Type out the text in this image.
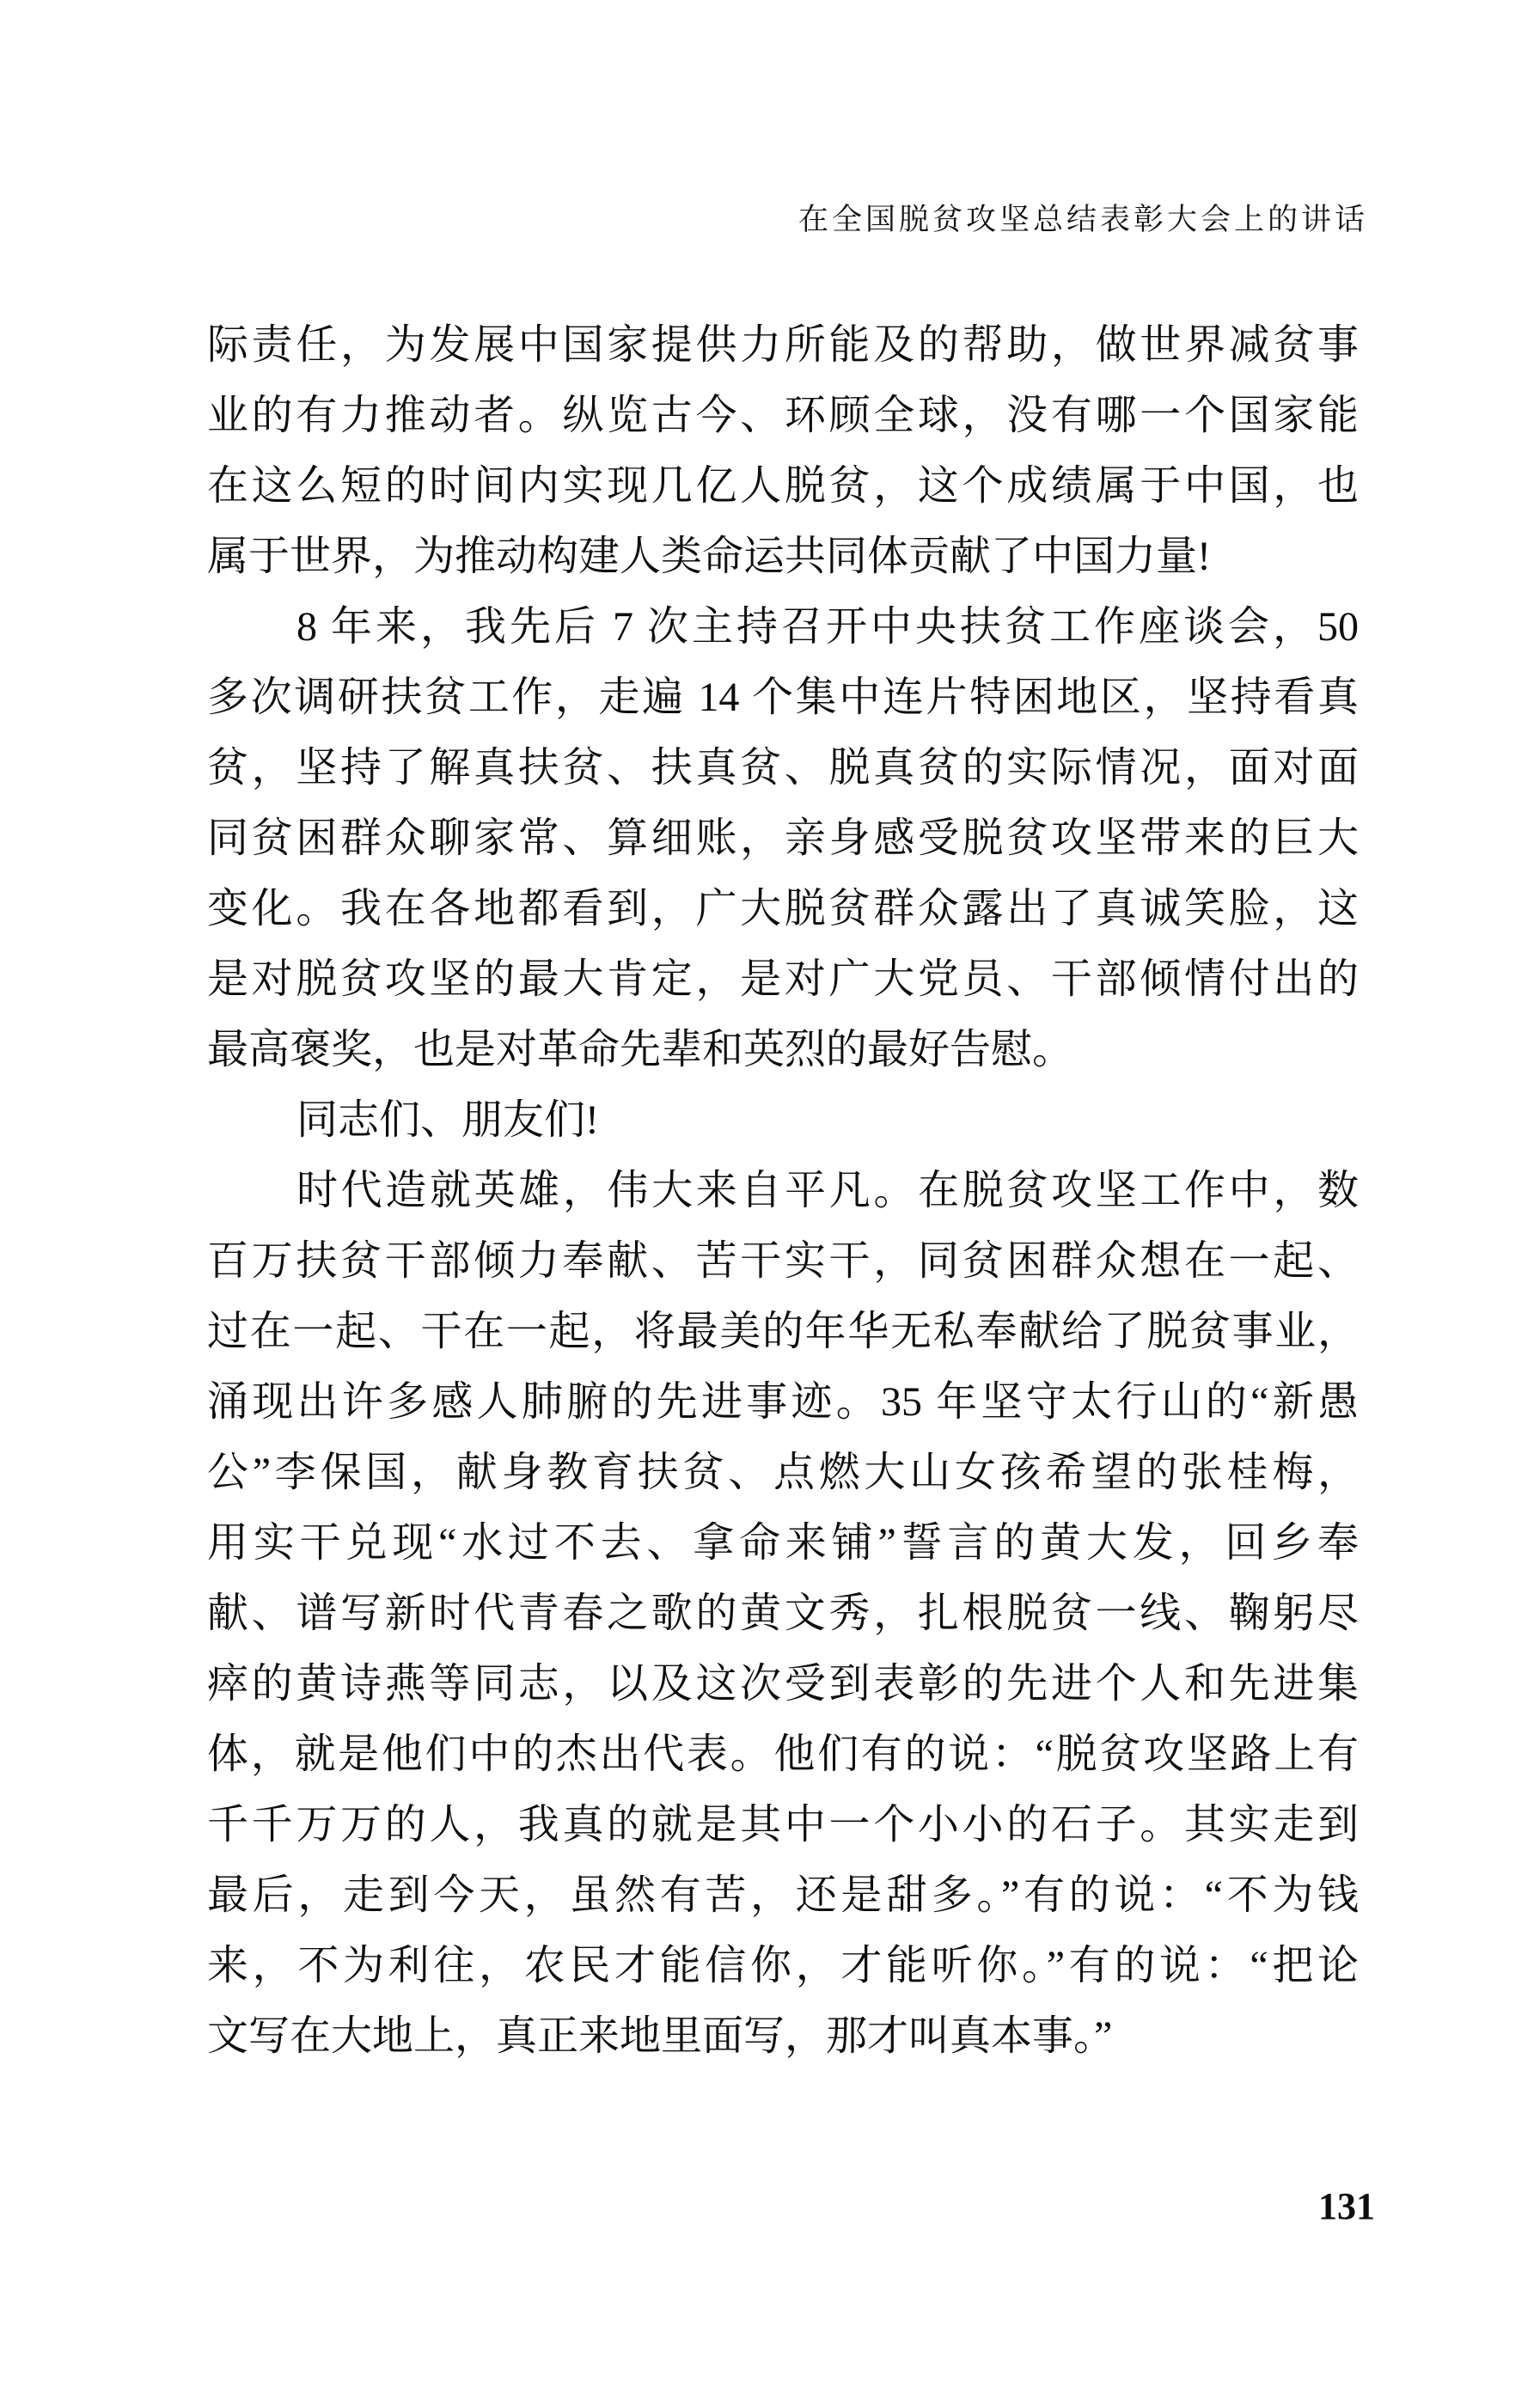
在全国脱贫攻坚总结表彰大会上的讲话
际责任，为发展中国家提供力所能及的帮助，做世界减贫事
业的有力推动者。纵览古今、环顾全球，没有哪一个国家能
在这么短的时间内实现几亿人脱贫，这个成绩属于中国，也
属于世界，为推动构建人类命运共同体贡献了中国力量!
8 年来，我先后 7 次主持召开中央扶贫工作座谈会，50
多次调研扶贫工作，走遍 14 个集中连片特困地区，坚持看真
贫，坚持了解真扶贫、扶真贫、脱真贫的实际情况，面对面
同贫困群众聊家常、算细账，亲身感受脱贫攻坚带来的巨大
变化。我在各地都看到，广大脱贫群众露出了真诚笑脸，这
是对脱贫攻坚的最大肯定，是对广大党员、干部倾情付出的
最高褒奖，也是对革命先辈和英烈的最好告慰。
同志们、朋友们!
时代造就英雄，伟大来自平凡。在脱贫攻坚工作中，数
百万扶贫干部倾力奉献、苦干实干，同贫困群众想在一起、
过在一起、干在一起，将最美的年华无私奉献给了脱贫事业，
涌现出许多感人肺腑的先进事迹。35 年坚守太行山的“新愚
公”李保国，献身教育扶贫、点燃大山女孩希望的张桂梅，
用实干兑现“水过不去、拿命来铺”誓言的黄大发，回乡奉
献、谱写新时代青春之歌的黄文秀，扎根脱贫一线、鞠躬尽
瘁的黄诗燕等同志，以及这次受到表彰的先进个人和先进集
体，就是他们中的杰出代表。他们有的说：“脱贫攻坚路上有
千千万万的人，我真的就是其中一个小小的石子。其实走到
最后，走到今天，虽然有苦，还是甜多。”有的说：“不为钱
来，不为利往，农民才能信你，才能听你。”有的说：“把论
文写在大地上，真正来地里面写，那才叫真本事。”
131
